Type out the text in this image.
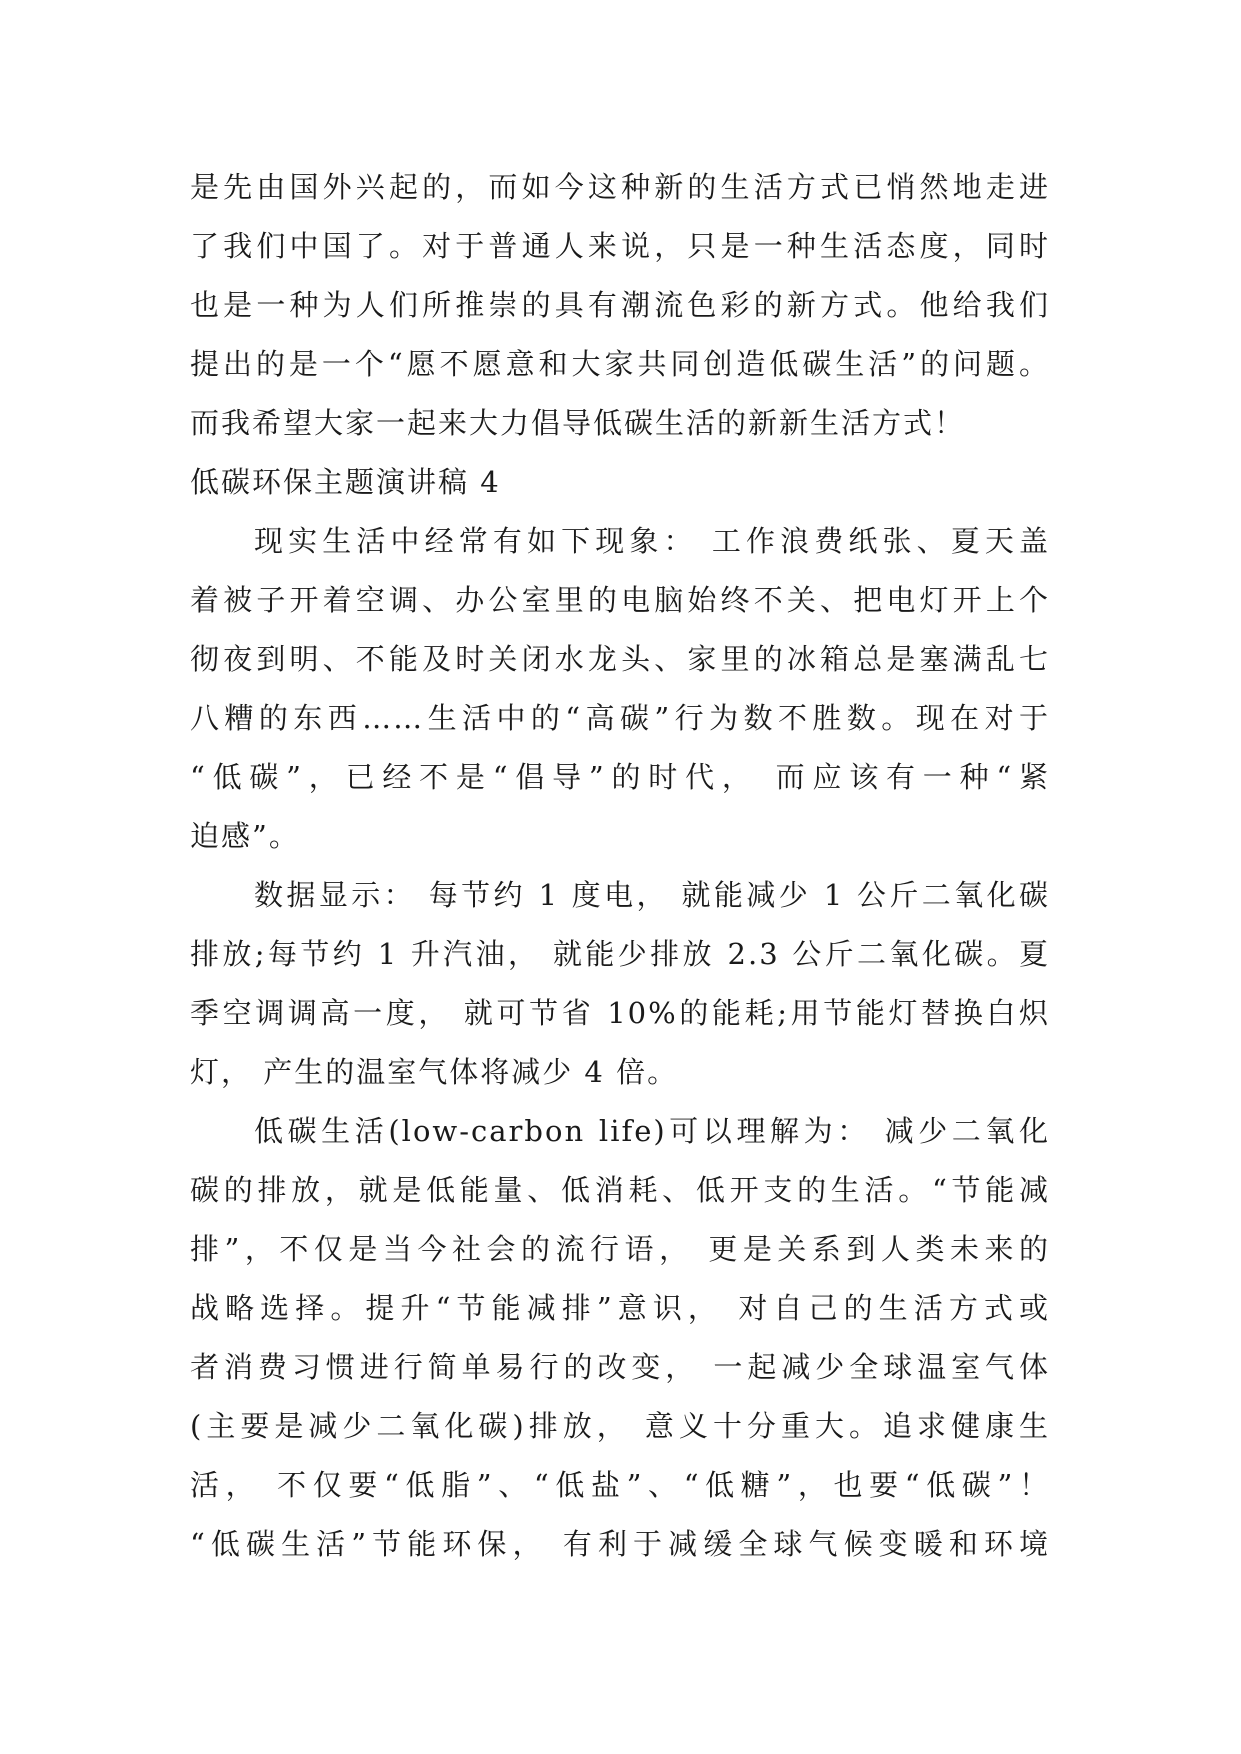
是先由国外兴起的，而如今这种新的生活方式已悄然地走进
了我们中国了。对于普通人来说，只是一种生活态度，同时
也是一种为人们所推崇的具有潮流色彩的新方式。他给我们
提出的是一个“愿不愿意和大家共同创造低碳生活”的问题。
而我希望大家一起来大力倡导低碳生活的新新生活方式！
低碳环保主题演讲稿 4
现实生活中经常有如下现象： 工作浪费纸张、夏天盖
着被子开着空调、办公室里的电脑始终不关、把电灯开上个
彻夜到明、不能及时关闭水龙头、家里的冰箱总是塞满乱七
八糟的东西……生活中的“高碳”行为数不胜数。现在对于
“低碳”，已经不是“倡导”的时代， 而应该有一种“紧
迫感”。
数据显示： 每节约 1 度电， 就能减少 1 公斤二氧化碳
排放;每节约 1 升汽油， 就能少排放 2.3 公斤二氧化碳。夏
季空调调高一度， 就可节省 10%的能耗;用节能灯替换白炽
灯， 产生的温室气体将减少 4 倍。
低碳生活(low-carbon life)可以理解为： 减少二氧化
碳的排放，就是低能量、低消耗、低开支的生活。“节能减
排”，不仅是当今社会的流行语， 更是关系到人类未来的
战略选择。提升“节能减排”意识， 对自己的生活方式或
者消费习惯进行简单易行的改变， 一起减少全球温室气体
(主要是减少二氧化碳)排放， 意义十分重大。追求健康生
活， 不仅要“低脂”、“低盐”、“低糖”，也要“低碳”！
“低碳生活”节能环保， 有利于减缓全球气候变暖和环境
